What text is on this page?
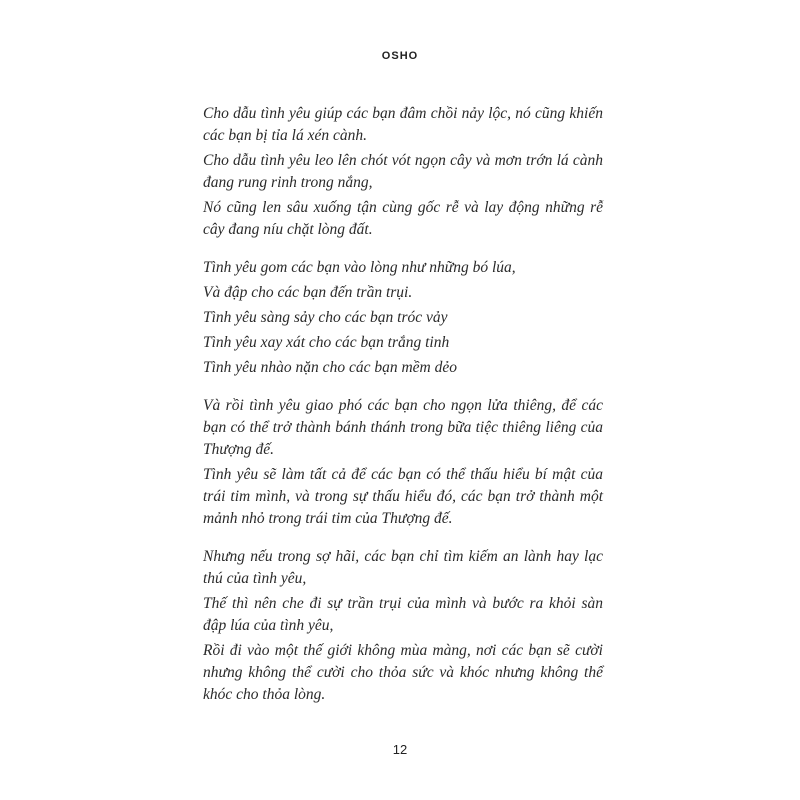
OSHO

Cho dẫu tình yêu giúp các bạn đâm chồi nảy lộc, nó cũng khiến các bạn bị tỉa lá xén cành.

Cho dẫu tình yêu leo lên chót vót ngọn cây và mơn trớn lá cành đang rung rinh trong nắng,

Nó cũng len sâu xuống tận cùng gốc rễ và lay động những rễ cây đang níu chặt lòng đất.

Tình yêu gom các bạn vào lòng như những bó lúa,

Và đập cho các bạn đến trần trụi.

Tình yêu sàng sảy cho các bạn tróc vảy

Tình yêu xay xát cho các bạn trắng tinh

Tình yêu nhào nặn cho các bạn mềm dẻo

Và rồi tình yêu giao phó các bạn cho ngọn lửa thiêng, để các bạn có thể trở thành bánh thánh trong bữa tiệc thiêng liêng của Thượng đế.

Tình yêu sẽ làm tất cả để các bạn có thể thấu hiểu bí mật của trái tim mình, và trong sự thấu hiểu đó, các bạn trở thành một mảnh nhỏ trong trái tim của Thượng đế.

Nhưng nếu trong sợ hãi, các bạn chỉ tìm kiếm an lành hay lạc thú của tình yêu,

Thế thì nên che đi sự trần trụi của mình và bước ra khỏi sàn đập lúa của tình yêu,

Rồi đi vào một thế giới không mùa màng, nơi các bạn sẽ cười nhưng không thể cười cho thỏa sức và khóc nhưng không thể khóc cho thỏa lòng.

12
